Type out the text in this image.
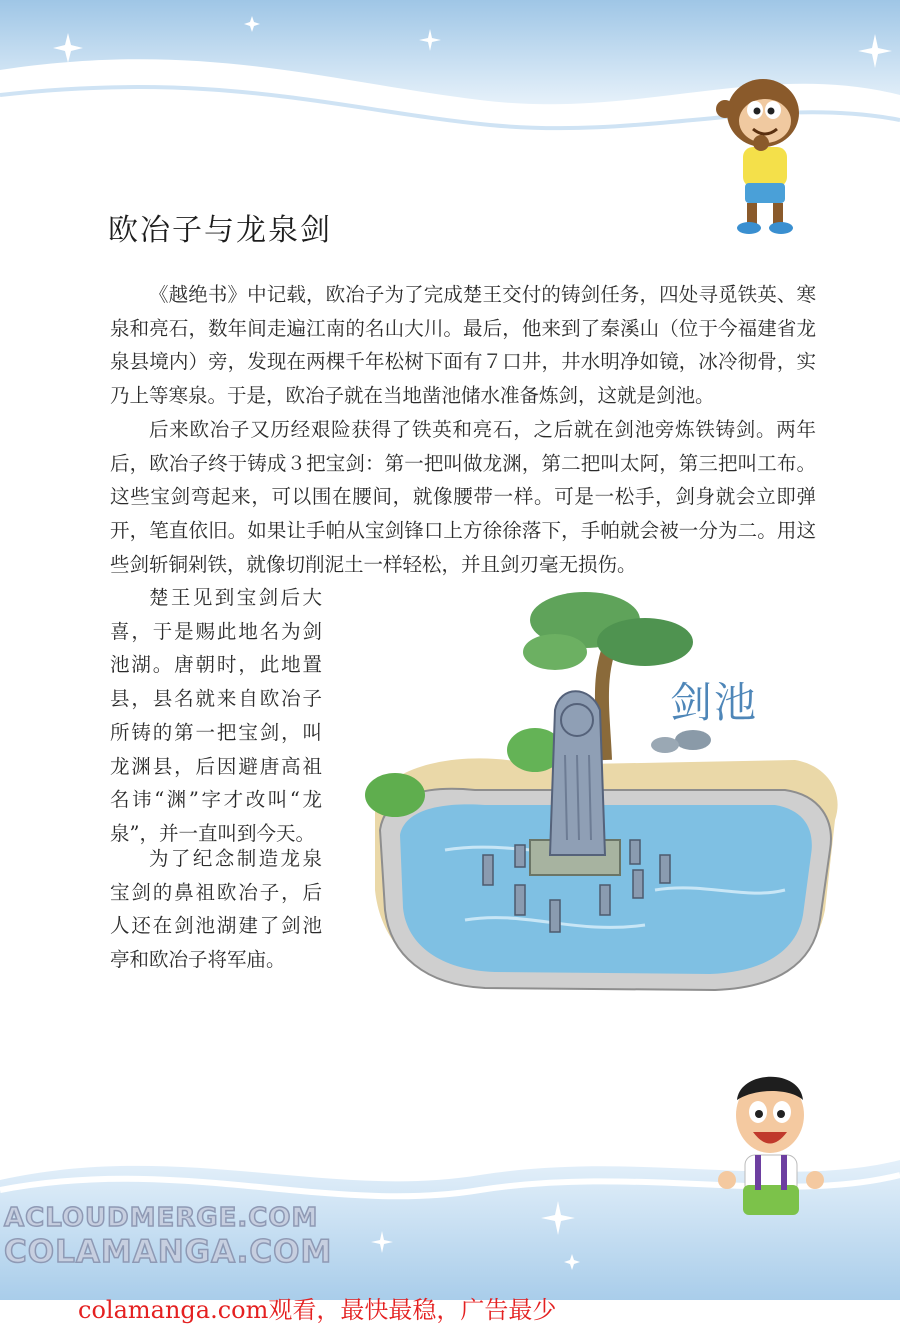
欧冶子与龙泉剑

《越绝书》中记载，欧冶子为了完成楚王交付的铸剑任务，四处寻觅铁英、寒泉和亮石，数年间走遍江南的名山大川。最后，他来到了秦溪山（位于今福建省龙泉县境内）旁，发现在两棵千年松树下面有７口井，井水明净如镜，冰冷彻骨，实乃上等寒泉。于是，欧冶子就在当地凿池储水准备炼剑，这就是剑池。

后来欧冶子又历经艰险获得了铁英和亮石，之后就在剑池旁炼铁铸剑。两年后，欧冶子终于铸成３把宝剑：第一把叫做龙渊，第二把叫太阿，第三把叫工布。这些宝剑弯起来，可以围在腰间，就像腰带一样。可是一松手，剑身就会立即弹开，笔直依旧。如果让手帕从宝剑锋口上方徐徐落下，手帕就会被一分为二。用这些剑斩铜剁铁，就像切削泥土一样轻松，并且剑刃毫无损伤。

楚王见到宝剑后大喜，于是赐此地名为剑池湖。唐朝时，此地置县，县名就来自欧冶子所铸的第一把宝剑，叫龙渊县，后因避唐高祖名讳“渊”字才改叫“龙泉”，并一直叫到今天。

为了纪念制造龙泉宝剑的鼻祖欧冶子，后人还在剑池湖建了剑池亭和欧冶子将军庙。

剑池
ACLOUDMERGE.COM
COLAMANGA.COM
colamanga.com观看，最快最稳，广告最少
